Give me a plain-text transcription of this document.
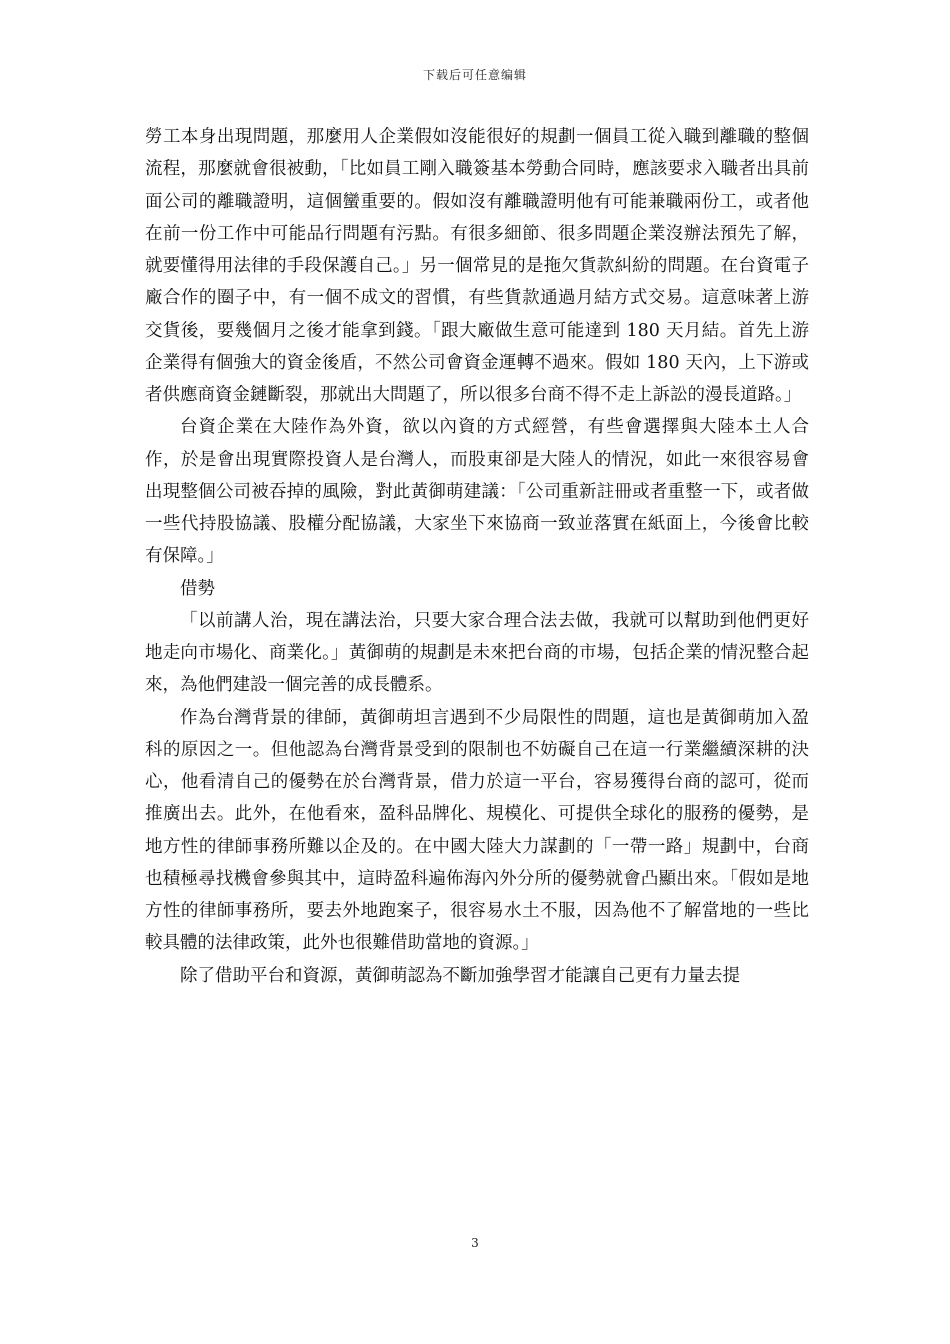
下载后可任意编辑

勞工本身出現問題，那麼用人企業假如沒能很好的規劃一個員工從入職到離職的整個流程，那麼就會很被動，「比如員工剛入職簽基本勞動合同時，應該要求入職者出具前面公司的離職證明，這個蠻重要的。假如沒有離職證明他有可能兼職兩份工，或者他在前一份工作中可能品行問題有污點。有很多細節、很多問題企業沒辦法預先了解，就要懂得用法律的手段保護自己。」另一個常見的是拖欠貨款糾紛的問題。在台資電子廠合作的圈子中，有一個不成文的習慣，有些貨款通過月結方式交易。這意味著上游交貨後，要幾個月之後才能拿到錢。「跟大廠做生意可能達到 180 天月結。首先上游企業得有個強大的資金後盾，不然公司會資金運轉不過來。假如 180 天內，上下游或者供應商資金鏈斷裂，那就出大問題了，所以很多台商不得不走上訴訟的漫長道路。」

台資企業在大陸作為外資，欲以內資的方式經營，有些會選擇與大陸本土人合作，於是會出現實際投資人是台灣人，而股東卻是大陸人的情況，如此一來很容易會出現整個公司被吞掉的風險，對此黃御萌建議：「公司重新註冊或者重整一下，或者做一些代持股協議、股權分配協議，大家坐下來協商一致並落實在紙面上，今後會比較有保障。」

借勢

「以前講人治，現在講法治，只要大家合理合法去做，我就可以幫助到他們更好地走向市場化、商業化。」黃御萌的規劃是未來把台商的市場，包括企業的情況整合起來，為他們建設一個完善的成長體系。

作為台灣背景的律師，黃御萌坦言遇到不少局限性的問題，這也是黃御萌加入盈科的原因之一。但他認為台灣背景受到的限制也不妨礙自己在這一行業繼續深耕的決心，他看清自己的優勢在於台灣背景，借力於這一平台，容易獲得台商的認可，從而推廣出去。此外，在他看來，盈科品牌化、規模化、可提供全球化的服務的優勢，是地方性的律師事務所難以企及的。在中國大陸大力謀劃的「一帶一路」規劃中，台商也積極尋找機會參與其中，這時盈科遍佈海內外分所的優勢就會凸顯出來。「假如是地方性的律師事務所，要去外地跑案子，很容易水土不服，因為他不了解當地的一些比較具體的法律政策，此外也很難借助當地的資源。」

除了借助平台和資源，黃御萌認為不斷加強學習才能讓自己更有力量去提

3
